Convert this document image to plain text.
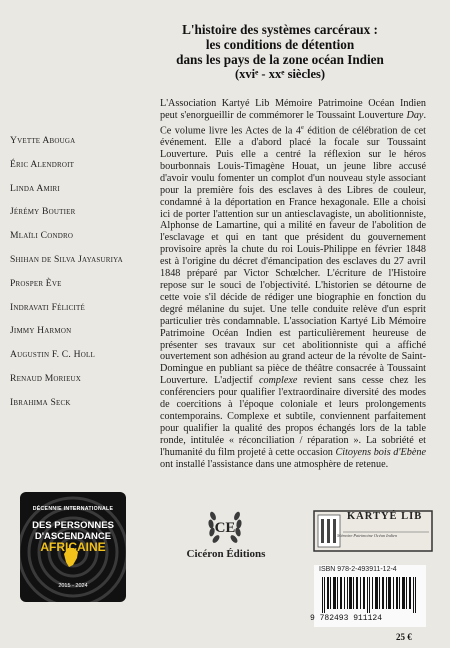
L'histoire des systèmes carcéraux :
les conditions de détention
dans les pays de la zone océan Indien
(xviᵉ - xxᵉ siècles)
Yvette Abouga
Éric Alendroit
Linda Amiri
Jérémy Boutier
Mlaïli Condro
Shihan de Silva Jayasuriya
Prosper Ève
Indravati Félicité
Jimmy Harmon
Augustin F. C. Holl
Renaud Morieux
Ibrahima Seck

L'Association Kartyé Lib Mémoire Patrimoine Océan Indien peut s'enorgueillir de commémorer le Toussaint Louverture Day. Ce volume livre les Actes de la 4e édition de célébration de cet événement. Elle a d'abord placé la focale sur Toussaint Louverture. Puis elle a centré la réflexion sur le héros bourbonnais Louis-Timagène Houat, un jeune libre accusé d'avoir voulu fomenter un complot d'un nouveau style associant pour la première fois des esclaves à des Libres de couleur, condamné à la déportation en France hexagonale. Elle a choisi ici de porter l'attention sur un antiesclavagiste, un abolitionniste, Alphonse de Lamartine, qui a milité en faveur de l'abolition de l'esclavage et qui en tant que président du gouvernement provisoire après la chute du roi Louis-Philippe en février 1848 est à l'origine du décret d'émancipation des esclaves du 27 avril 1848 préparé par Victor Schœlcher. L'écriture de l'Histoire repose sur le souci de l'objectivité. L'historien se détourne de cette voie s'il décide de rédiger une biographie en fonction du degré mélanine du sujet. Une telle conduite relève d'un esprit particulier très condamnable. L'association Kartyé Lib Mémoire Patrimoine Océan Indien est particulièrement heureuse de présenter ses travaux sur cet abolitionniste qui a affiché ouvertement son adhésion au grand acteur de la révolte de Saint-Domingue en publiant sa pièce de théâtre consacrée à Toussaint Louverture. L'adjectif complexe revient sans cesse chez les conférenciers pour qualifier l'extraordinaire diversité des modes de coercitions à l'époque coloniale et leurs prolongements contemporains. Complexe et subtile, conviennent parfaitement pour qualifier la qualité des propos échangés lors de la table ronde, intitulée « réconciliation / réparation ». La sobriété et l'humanité du film projeté à cette occasion Citoyens bois d'Ebène ont installé l'assistance dans une atmosphère de retenue.

DÉCENNIE INTERNATIONALE
DES PERSONNES
D'ASCENDANCE
AFRICAINE
2015 - 2024
CE
Cicéron Éditions
KARTYÉ LIB
Mémoire Patrimoine Océan Indien
ISBN 978-2-493911-12-4
9 782493 911124
25 €
